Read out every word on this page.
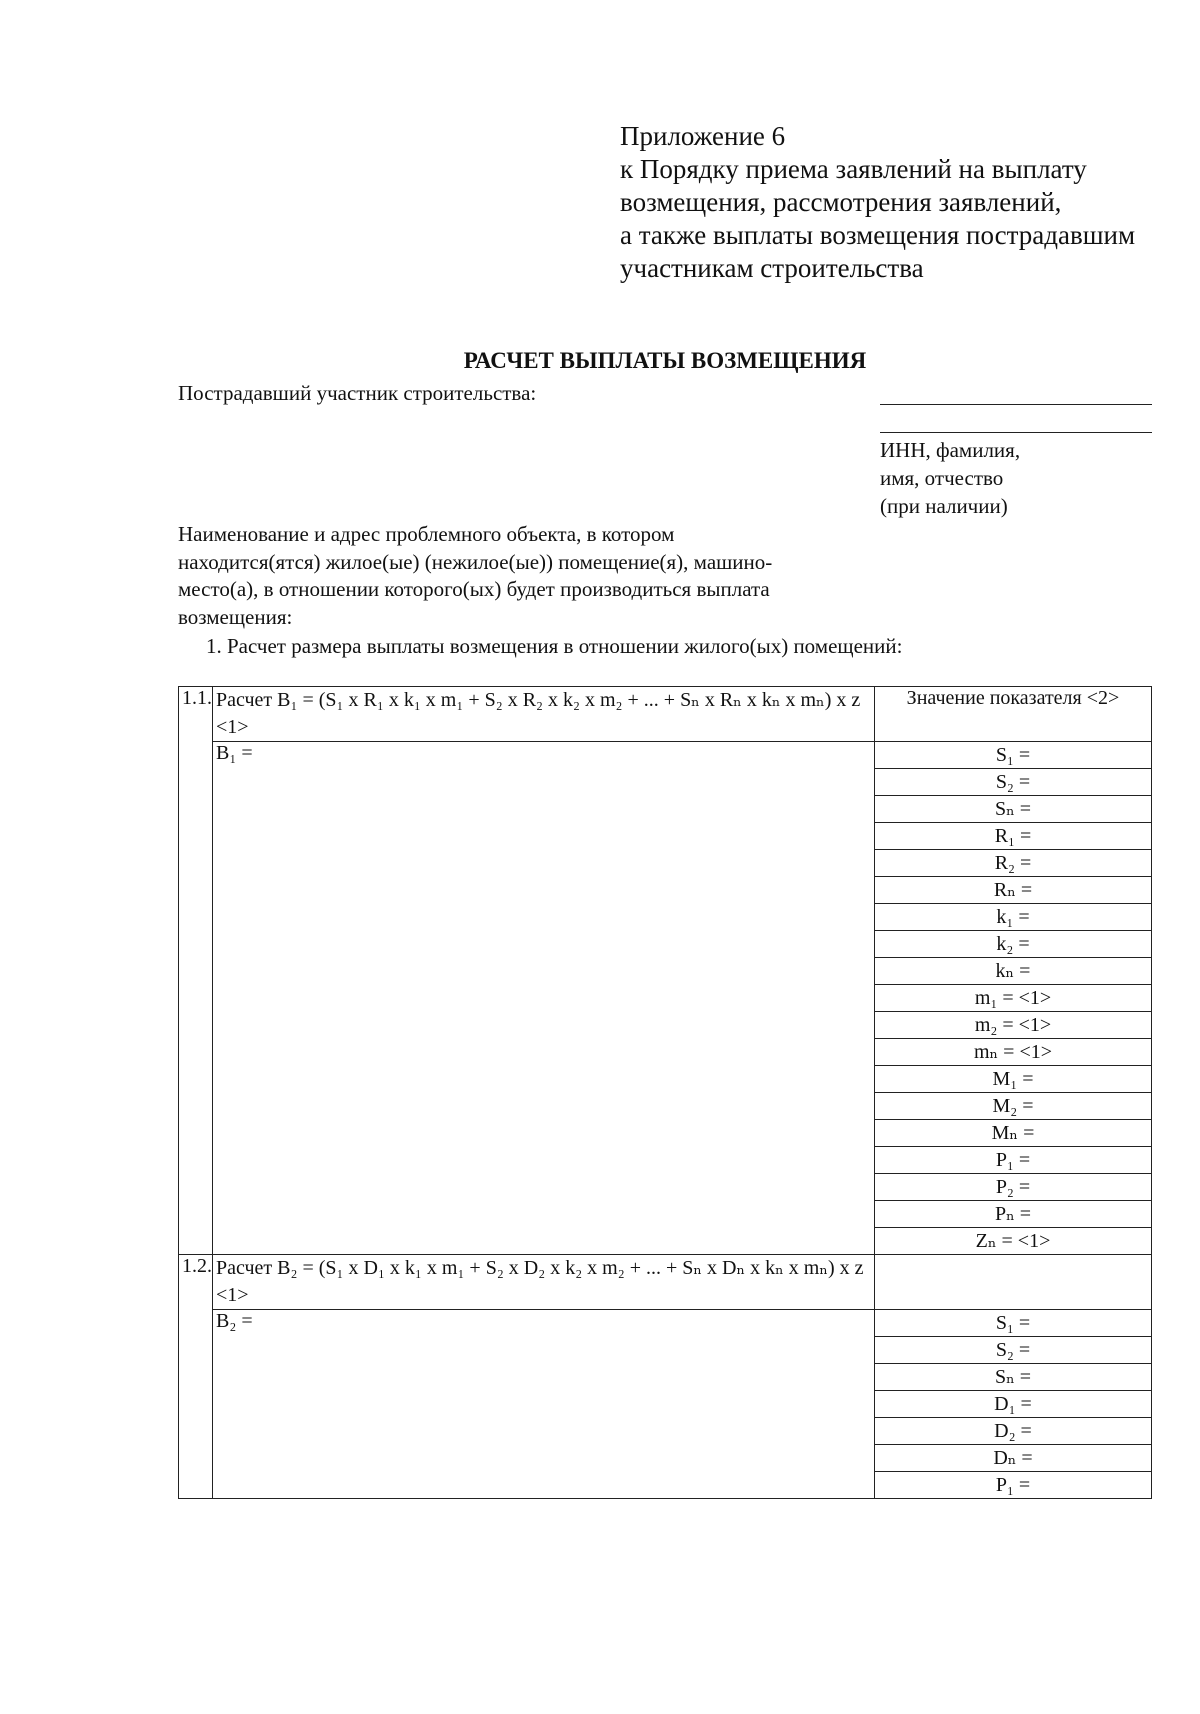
Приложение 6
к Порядку приема заявлений на выплату
возмещения, рассмотрения заявлений,
а также выплаты возмещения пострадавшим
участникам строительства
РАСЧЕТ ВЫПЛАТЫ ВОЗМЕЩЕНИЯ
Пострадавший участник строительства:
ИНН, фамилия,
имя, отчество
(при наличии)
Наименование и адрес проблемного объекта, в котором
находится(ятся) жилое(ые) (нежилое(ые)) помещение(я), машино-
место(а), в отношении которого(ых) будет производиться выплата
возмещения:
1. Расчет размера выплаты возмещения в отношении жилого(ых) помещений:
1.1.	Расчет B₁ = (S₁ x R₁ x k₁ x m₁ + S₂ x R₂ x k₂ x m₂ + ... + Sₙ x Rₙ x kₙ x mₙ) x z <1>	Значение показателя <2>
	B₁ =	S₁ =
		S₂ =
		Sₙ =
		R₁ =
		R₂ =
		Rₙ =
		k₁ =
		k₂ =
		kₙ =
		m₁ = <1>
		m₂ = <1>
		mₙ = <1>
		M₁ =
		M₂ =
		Mₙ =
		P₁ =
		P₂ =
		Pₙ =
		Zₙ = <1>
1.2.	Расчет B₂ = (S₁ x D₁ x k₁ x m₁ + S₂ x D₂ x k₂ x m₂ + ... + Sₙ x Dₙ x kₙ x mₙ) x z <1>	
	B₂ =	S₁ =
		S₂ =
		Sₙ =
		D₁ =
		D₂ =
		Dₙ =
		P₁ =
